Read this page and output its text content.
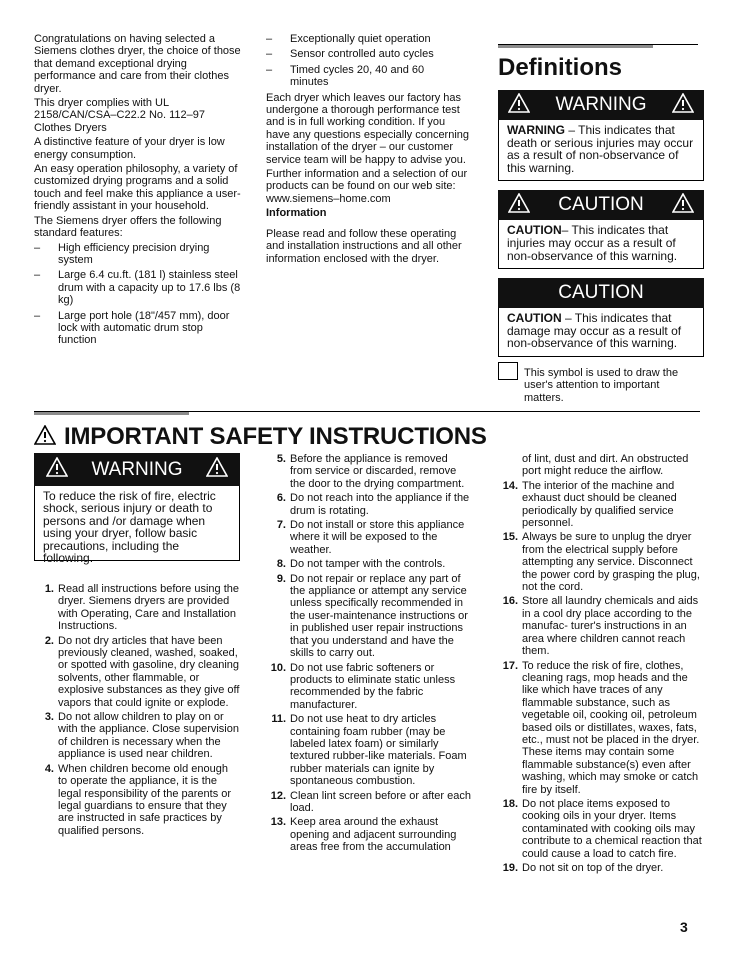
Congratulations on having selected a Siemens clothes dryer, the choice of those that demand exceptional drying performance and care from their clothes dryer.

This dryer complies with UL 2158/CAN/CSA–C22.2 No. 112–97 Clothes Dryers

A distinctive feature of your dryer is low energy consumption.

An easy operation philosophy, a variety of customized drying programs and a solid touch and feel make this appliance a user-friendly assistant in your household.

The Siemens dryer offers the following standard features:

–	High efficiency precision drying system
–	Large 6.4 cu.ft. (181 l) stainless steel drum with a capacity up to 17.6 lbs (8 kg)
–	Large port hole (18"/457 mm), door lock with automatic drum stop function
–	Exceptionally quiet operation
–	Sensor controlled auto cycles
–	Timed cycles 20, 40 and 60 minutes

Each dryer which leaves our factory has undergone a thorough performance test and is in full working condition. If you have any questions especially concerning installation of the dryer – our customer service team will be happy to advise you.

Further information and a selection of our products can be found on our web site:

www.siemens–home.com

Information

Please read and follow these operating and installation instructions and all other information enclosed with the dryer.

Definitions
WARNING
WARNING – This indicates that death or serious injuries may occur as a result of non-observance of this warning.
CAUTION
CAUTION– This indicates that injuries may occur as a result of non-observance of this warning.
CAUTION
CAUTION – This indicates that damage may occur as a result of non-observance of this warning.
This symbol is used to draw the user's attention to important matters.
IMPORTANT SAFETY INSTRUCTIONS
WARNING
To reduce the risk of fire, electric shock, serious injury or death to persons and /or damage when using your dryer, follow basic precautions, including the following.
1. Read all instructions before using the dryer. Siemens dryers are provided with Operating, Care and Installation Instructions.
2. Do not dry articles that have been previously cleaned, washed, soaked, or spotted with gasoline, dry cleaning solvents, other flammable, or explosive substances as they give off vapors that could ignite or explode.
3. Do not allow children to play on or with the appliance. Close supervision of children is necessary when the appliance is used near children.
4. When children become old enough to operate the appliance, it is the legal responsibility of the parents or legal guardians to ensure that they are instructed in safe practices by qualified persons.
5. Before the appliance is removed from service or discarded, remove the door to the drying compartment.
6. Do not reach into the appliance if the drum is rotating.
7. Do not install or store this appliance where it will be exposed to the weather.
8. Do not tamper with the controls.
9. Do not repair or replace any part of the appliance or attempt any service unless specifically recommended in the user-maintenance instructions or in published user repair instructions that you understand and have the skills to carry out.
10. Do not use fabric softeners or products to eliminate static unless recommended by the fabric manufacturer.
11. Do not use heat to dry articles containing foam rubber (may be labeled latex foam) or similarly textured rubber-like materials. Foam rubber materials can ignite by spontaneous combustion.
12. Clean lint screen before or after each load.
13. Keep area around the exhaust opening and adjacent surrounding areas free from the accumulation
of lint, dust and dirt. An obstructed port might reduce the airflow.
14. The interior of the machine and exhaust duct should be cleaned periodically by qualified service personnel.
15. Always be sure to unplug the dryer from the electrical supply before attempting any service. Disconnect the power cord by grasping the plug, not the cord.
16. Store all laundry chemicals and aids in a cool dry place according to the manufac- turer's instructions in an area where children cannot reach them.
17. To reduce the risk of fire, clothes, cleaning rags, mop heads and the like which have traces of any flammable substance, such as vegetable oil, cooking oil, petroleum based oils or distillates, waxes, fats, etc., must not be placed in the dryer. These items may contain some flammable substance(s) even after washing, which may smoke or catch fire by itself.
18. Do not place items exposed to cooking oils in your dryer. Items contaminated with cooking oils may contribute to a chemical reaction that could cause a load to catch fire.
19. Do not sit on top of the dryer.
3
